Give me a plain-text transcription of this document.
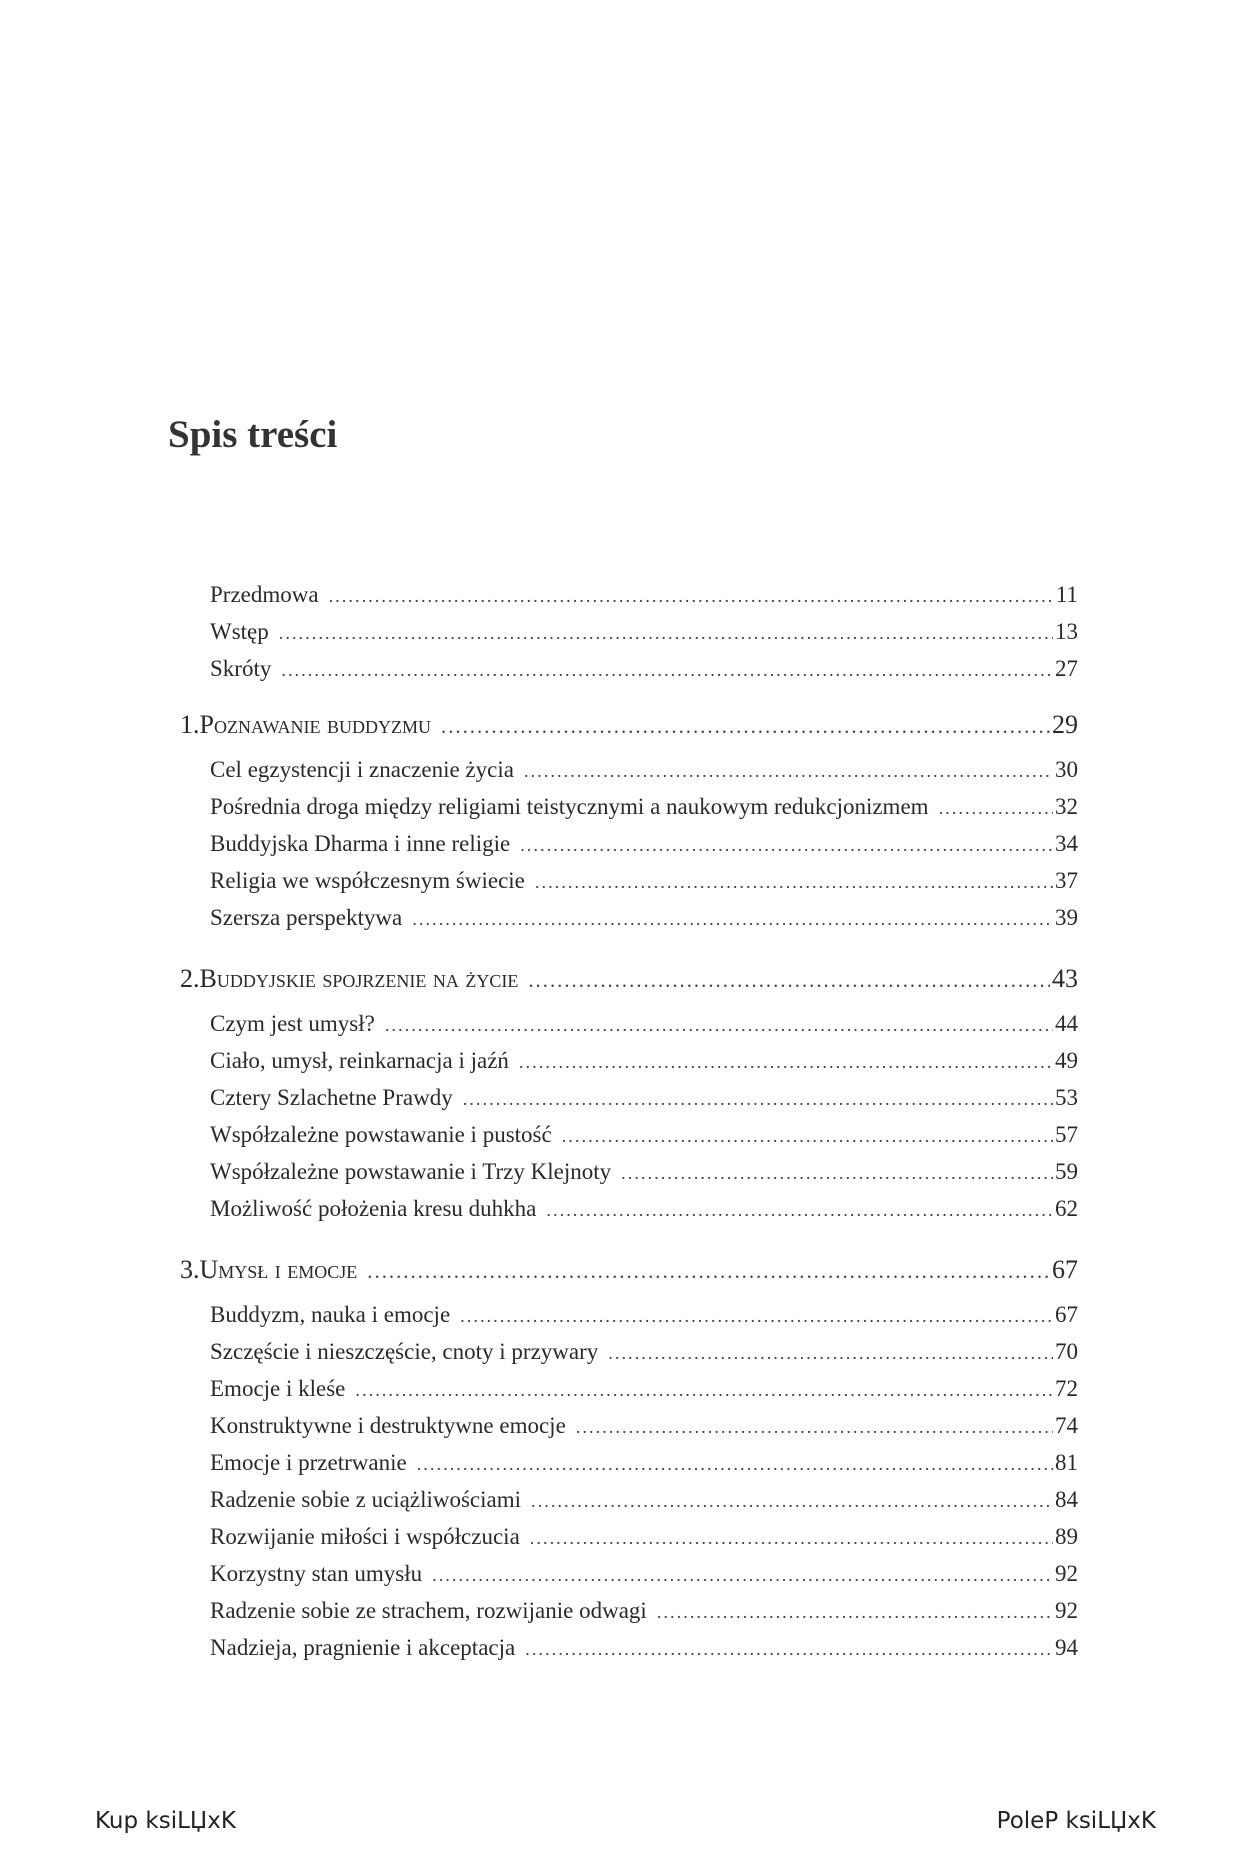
Spis treści
Przedmowa .....	11
Wstęp .....	13
Skróty .....	27
1. Poznawanie buddyzmu .....	29
Cel egzystencji i znaczenie życia .....	30
Pośrednia droga między religiami teistycznymi a naukowym redukcjonizmem .....	32
Buddyjska Dharma i inne religie .....	34
Religia we współczesnym świecie .....	37
Szersza perspektywa .....	39
2. Buddyjskie spojrzenie na życie .....	43
Czym jest umysł? .....	44
Ciało, umysł, reinkarnacja i jaźń .....	49
Cztery Szlachetne Prawdy .....	53
Współzależne powstawanie i pustość .....	57
Współzależne powstawanie i Trzy Klejnoty .....	59
Możliwość położenia kresu duhkha .....	62
3. Umysł i emocje .....	67
Buddyzm, nauka i emocje .....	67
Szczęście i nieszczęście, cnoty i przywary .....	70
Emocje i kleśe .....	72
Konstruktywne i destruktywne emocje .....	74
Emocje i przetrwanie .....	81
Radzenie sobie z uciążliwościami .....	84
Rozwijanie miłości i współczucia .....	89
Korzystny stan umysłu .....	92
Radzenie sobie ze strachem, rozwijanie odwagi .....	92
Nadzieja, pragnienie i akceptacja .....	94
Kup ksiLЏxK	PoleP ksiLЏxK
